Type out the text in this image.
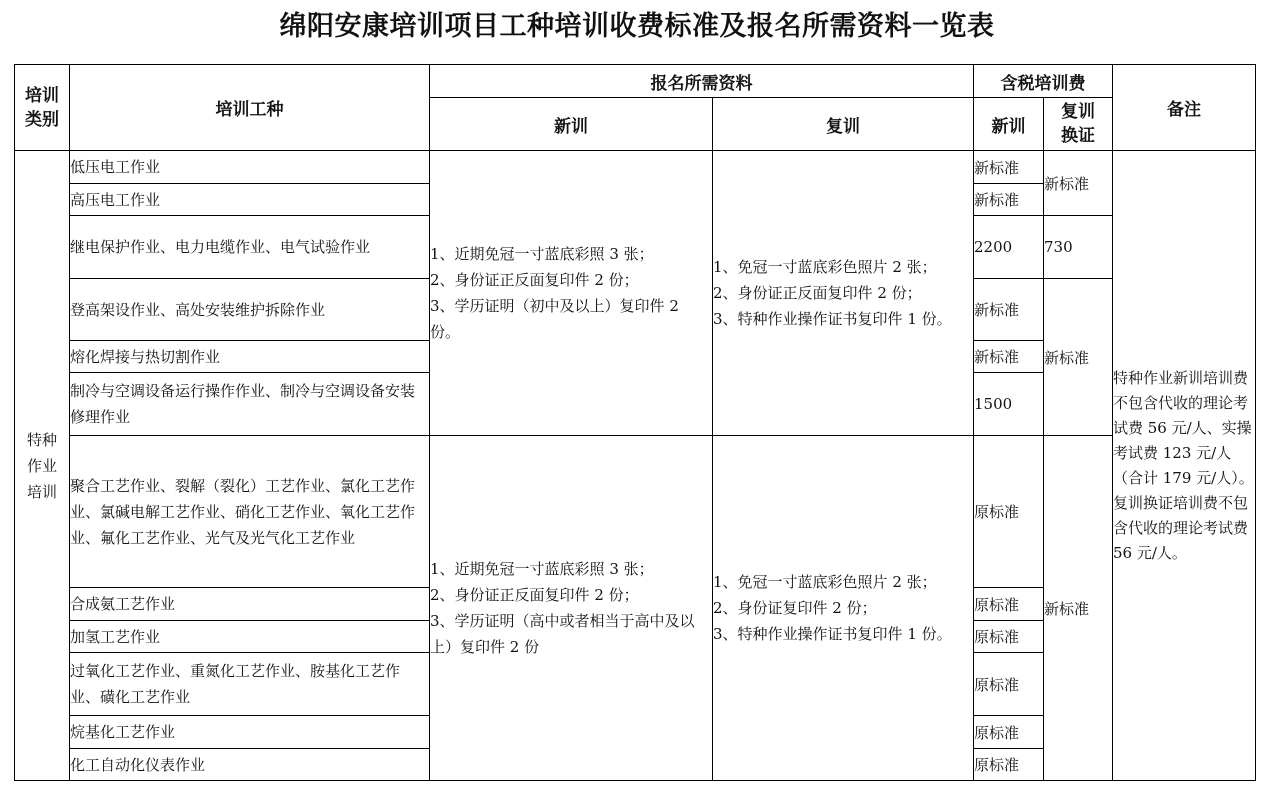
绵阳安康培训项目工种培训收费标准及报名所需资料一览表
培训类别	培训工种	报名所需资料		含税培训费		备注
		新训	复训	新训	复训换证	

特种作业培训	低压电工作业	1、近期免冠一寸蓝底彩照 3 张；
2、身份证正反面复印件 2 份；
3、学历证明（初中及以上）复印件 2 份。	1、免冠一寸蓝底彩色照片 2 张；
2、身份证正反面复印件 2 份；
3、特种作业操作证书复印件 1 份。	新标准	新标准	特种作业新训培训费不包含代收的理论考试费 56 元/人、实操考试费 123 元/人（合计 179 元/人）。复训换证培训费不包含代收的理论考试费 56 元/人。
	高压电工作业			新标准		
	继电保护作业、电力电缆作业、电气试验作业			2200	730	
	登高架设作业、高处安装维护拆除作业			新标准	新标准	
	熔化焊接与热切割作业			新标准		
	制冷与空调设备运行操作作业、制冷与空调设备安装修理作业			1500		
	聚合工艺作业、裂解（裂化）工艺作业、氯化工艺作业、氯碱电解工艺作业、硝化工艺作业、氧化工艺作业、氟化工艺作业、光气及光气化工艺作业	1、近期免冠一寸蓝底彩照 3 张；
2、身份证正反面复印件 2 份；
3、学历证明（高中或者相当于高中及以上）复印件 2 份	1、免冠一寸蓝底彩色照片 2 张；
2、身份证复印件 2 份；
3、特种作业操作证书复印件 1 份。	原标准	新标准	
	合成氨工艺作业			原标准		
	加氢工艺作业			原标准		
	过氧化工艺作业、重氮化工艺作业、胺基化工艺作业、磺化工艺作业			原标准		
	烷基化工艺作业			原标准		
	化工自动化仪表作业			原标准		
